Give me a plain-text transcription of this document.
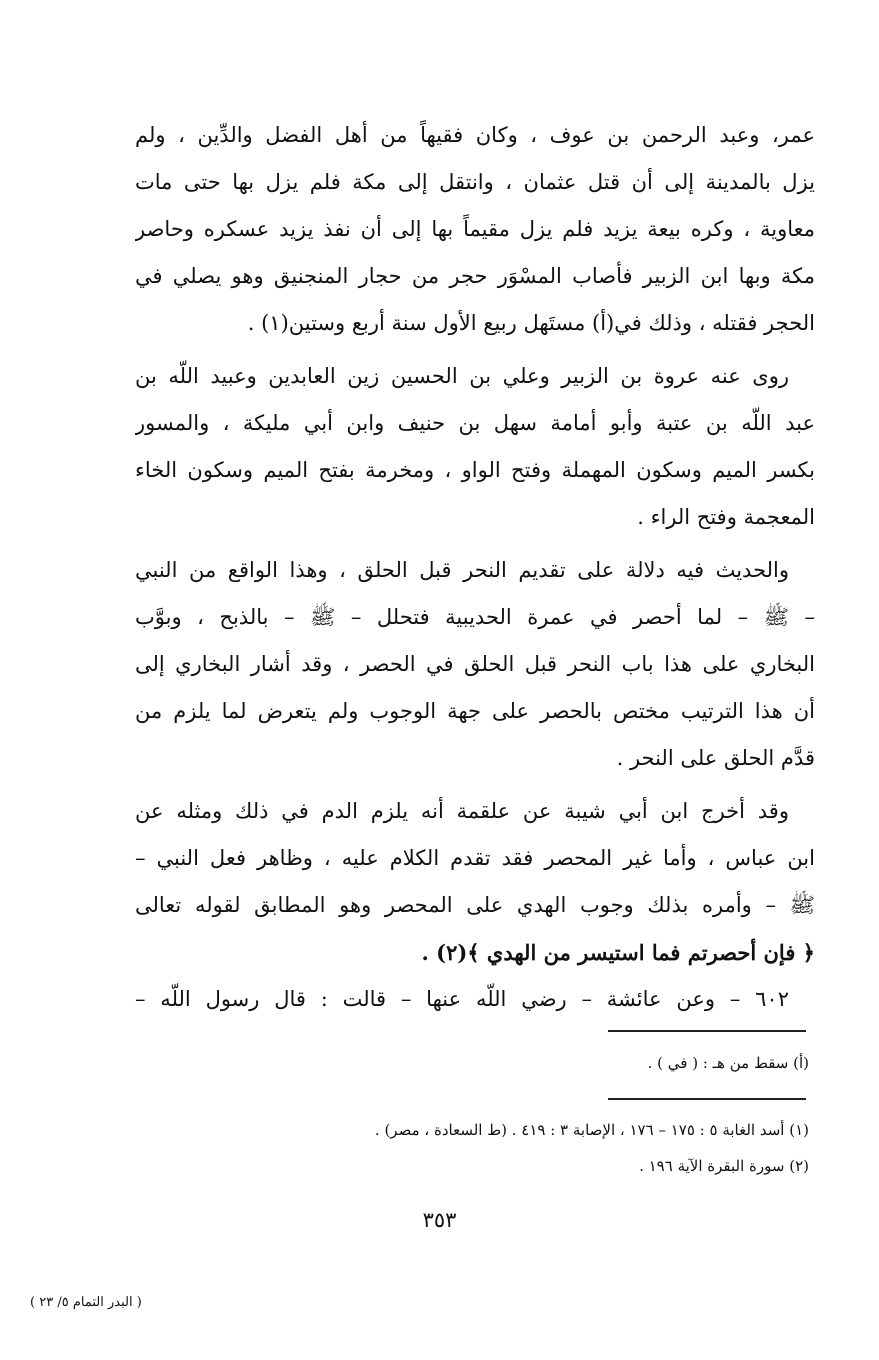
عمر، وعبد الرحمن بن عوف ، وكان فقيهاً من أهل الفضل والدِّين ، ولم
يزل بالمدينة إلى أن قتل عثمان ، وانتقل إلى مكة فلم يزل بها حتى مات
معاوية ، وكره بيعة يزيد فلم يزل مقيماً بها إلى أن نفذ يزيد عسكره وحاصر
مكة وبها ابن الزبير فأصاب المسْوَر حجر من حجار المنجنيق وهو يصلي في
الحجر فقتله ، وذلك في(أ) مستَهل ربيع الأول سنة أربع وستين(١) .
روى عنه عروة بن الزبير وعلي بن الحسين زين العابدين وعبيد اللّه بن
عبد اللّه بن عتبة وأبو أمامة سهل بن حنيف وابن أبي مليكة ، والمسور
بكسر الميم وسكون المهملة وفتح الواو ، ومخرمة بفتح الميم وسكون الخاء
المعجمة وفتح الراء .
والحديث فيه دلالة على تقديم النحر قبل الحلق ، وهذا الواقع من النبي
– ﷺ – لما أحصر في عمرة الحديبية فتحلل – ﷺ – بالذبح ، وبوَّب
البخاري على هذا باب النحر قبل الحلق في الحصر ، وقد أشار البخاري إلى
أن هذا الترتيب مختص بالحصر على جهة الوجوب ولم يتعرض لما يلزم من
قدَّم الحلق على النحر .
وقد أخرج ابن أبي شيبة عن علقمة أنه يلزم الدم في ذلك ومثله عن
ابن عباس ، وأما غير المحصر فقد تقدم الكلام عليه ، وظاهر فعل النبي –
ﷺ – وأمره بذلك وجوب الهدي على المحصر وهو المطابق لقوله تعالى
﴿ فإن أحصرتم فما استيسر من الهدي ﴾(٢) .
٦٠٢ – وعن عائشة – رضي اللّه عنها – قالت : قال رسول اللّه –
(أ) سقط من هـ : ( في ) .
(١) أسد الغابة ٥ : ١٧٥ – ١٧٦ ، الإصابة ٣ : ٤١٩ . (ط السعادة ، مصر) .
(٢) سورة البقرة الآية ١٩٦ .
٣٥٣
( البدر التمام ٥/ ٢٣ )
